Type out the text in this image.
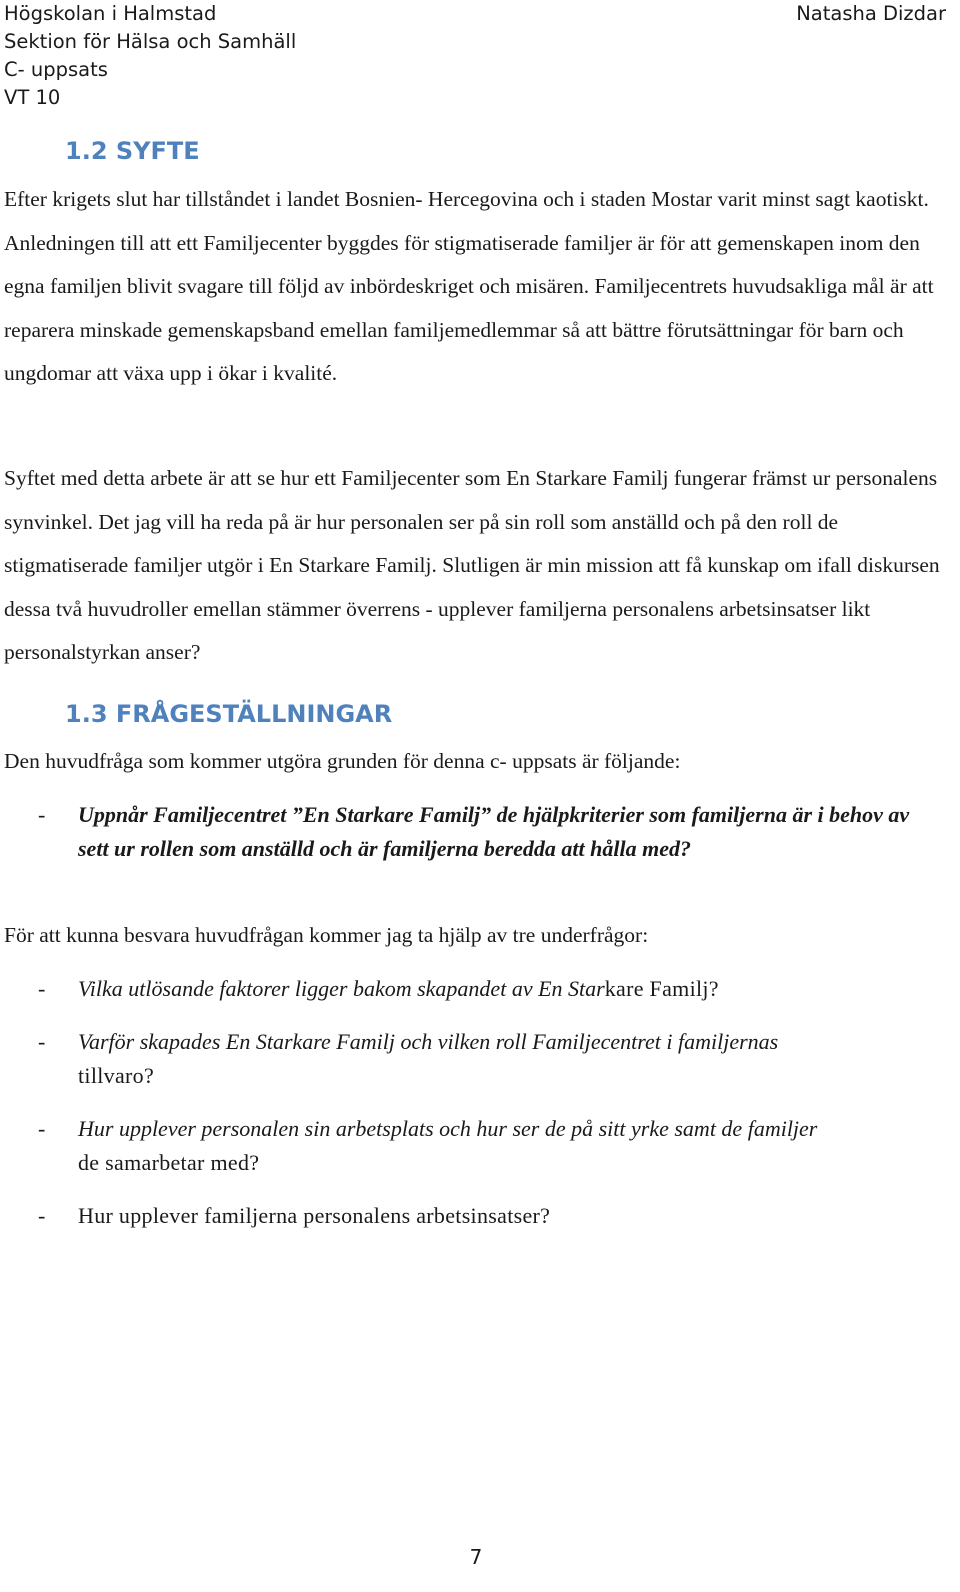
Högskolan i Halmstad
Sektion för Hälsa och Samhäll
C- uppsats
VT 10
Natasha Dizdar
1.2 SYFTE

Efter krigets slut har tillståndet i landet Bosnien- Hercegovina och i staden Mostar varit minst sagt kaotiskt. Anledningen till att ett Familjecenter byggdes för stigmatiserade familjer är för att gemenskapen inom den egna familjen blivit svagare till följd av inbördeskriget och misären. Familjecentrets huvudsakliga mål är att reparera minskade gemenskapsband emellan familjemedlemmar så att bättre förutsättningar för barn och ungdomar att växa upp i ökar i kvalité.

Syftet med detta arbete är att se hur ett Familjecenter som En Starkare Familj fungerar främst ur personalens synvinkel. Det jag vill ha reda på är hur personalen ser på sin roll som anställd och på den roll de stigmatiserade familjer utgör i En Starkare Familj. Slutligen är min mission att få kunskap om ifall diskursen dessa två huvudroller emellan stämmer överrens - upplever familjerna personalens arbetsinsatser likt personalstyrkan anser?

1.3 FRÅGESTÄLLNINGAR

Den huvudfråga som kommer utgöra grunden för denna c- uppsats är följande:

- Uppnår Familjecentret ”En Starkare Familj” de hjälpkriterier som familjerna är i behov av sett ur rollen som anställd och är familjerna beredda att hålla med?

För att kunna besvara huvudfrågan kommer jag ta hjälp av tre underfrågor:

- Vilka utlösande faktorer ligger bakom skapandet av En Starkare Familj?
- Varför skapades En Starkare Familj och vilken roll Familjecentret i familjernas
tillvaro?
- Hur upplever personalen sin arbetsplats och hur ser de på sitt yrke samt de familjer
de samarbetar med?
- Hur upplever familjerna personalens arbetsinsatser?
7
